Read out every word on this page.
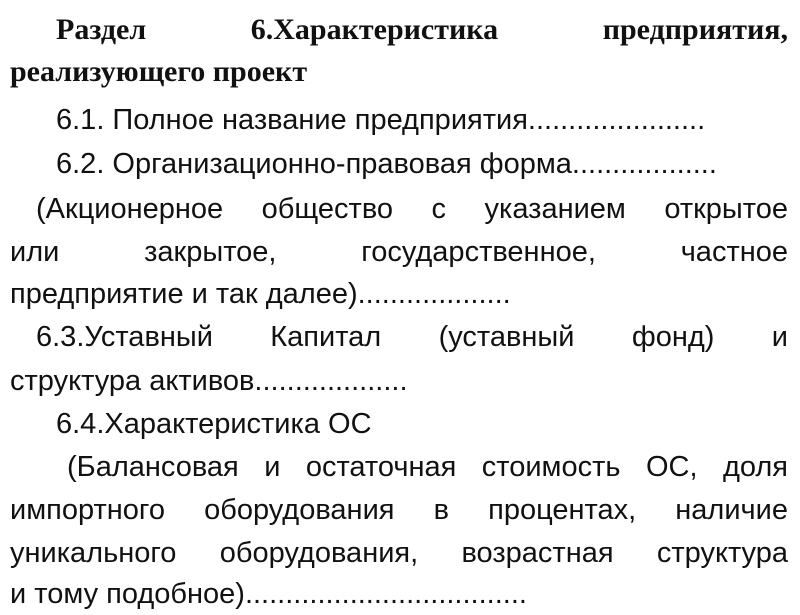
Раздел 6.Характеристика предприятия,

реализующего проект

6.1. Полное название предприятия......................

6.2. Организационно-правовая форма..................

(Акционерное общество с указанием открытое

или закрытое, государственное, частное

предприятие и так далее)...................

6.3.Уставный Капитал (уставный фонд) и

структура активов...................

6.4.Характеристика ОС

(Балансовая и остаточная стоимость ОС, доля

импортного оборудования в процентах, наличие

уникального оборудования, возрастная структура

и тому подобное)...................................
